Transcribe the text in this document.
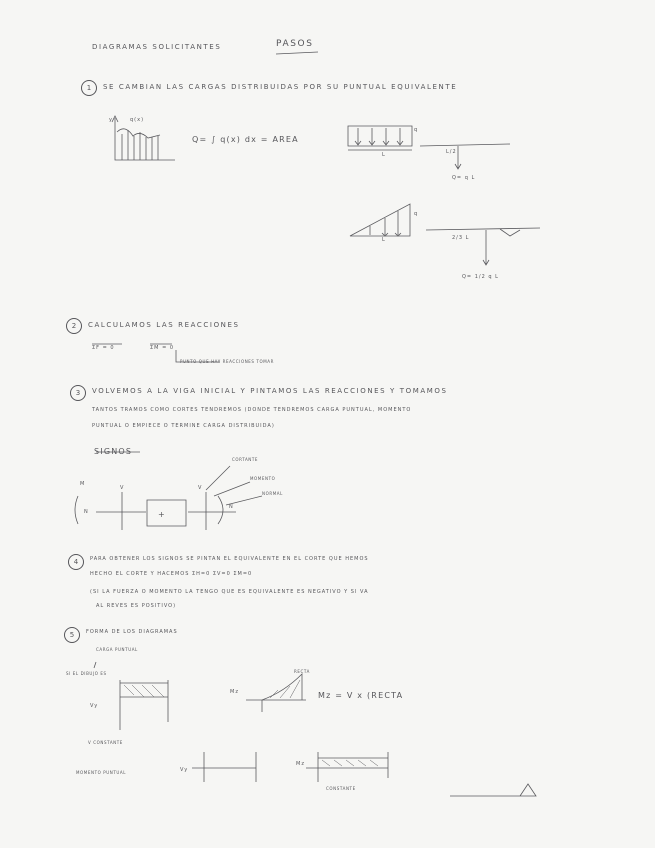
DIAGRAMAS SOLICITANTES	PASOS
1	SE CAMBIAN LAS CARGAS DISTRIBUIDAS POR SU PUNTUAL EQUIVALENTE
y	q(x)
Q= ∫ q(x) dx = AREA
q
L	L/2
Q= q L
q
L	2/3 L
Q= 1/2 q L
2	CALCULAMOS LAS REACCIONES
ΣF = 0	ΣM = 0
PUNTO QUE HAY REACCIONES TOMAR
3	VOLVEMOS A LA VIGA INICIAL Y PINTAMOS LAS REACCIONES Y TOMAMOS
TANTOS TRAMOS COMO CORTES TENDREMOS (DONDE TENDREMOS CARGA PUNTUAL, MOMENTO
PUNTUAL O EMPIECE O TERMINE CARGA DISTRIBUIDA)
SIGNOS
M
V
N	+
V
N
CORTANTE
MOMENTO
NORMAL
4	PARA OBTENER LOS SIGNOS SE PINTAN EL EQUIVALENTE EN EL CORTE QUE HEMOS
HECHO EL CORTE Y HACEMOS ΣH=0 ΣV=0 ΣM=0
(SI LA FUERZA O MOMENTO LA TENGO QUE ES EQUIVALENTE ES NEGATIVO Y SI VA
AL REVES ES POSITIVO)
5	FORMA DE LOS DIAGRAMAS
CARGA PUNTUAL
SI EL DIBUJO ES
Vy
Mz
RECTA
Mz = V x (RECTA
V CONSTANTE
MOMENTO PUNTUAL	Vy
Mz
CONSTANTE
